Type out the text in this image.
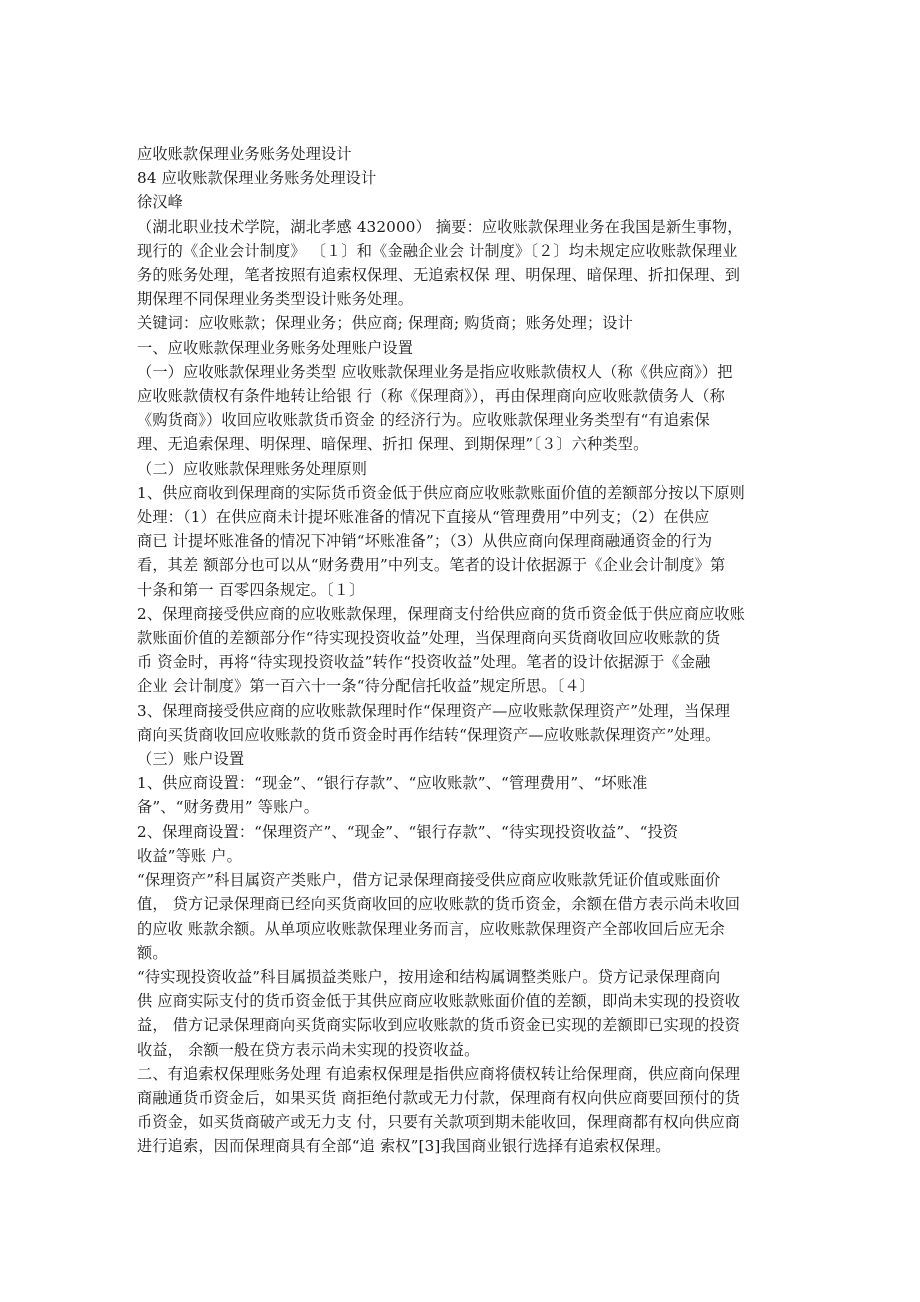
应收账款保理业务账务处理设计

84 应收账款保理业务账务处理设计

徐汉峰

（湖北职业技术学院，湖北孝感 432000） 摘要：应收账款保理业务在我国是新生事物，

现行的《企业会计制度》 〔１〕和《金融企业会 计制度》〔２〕均未规定应收账款保理业

务的账务处理，笔者按照有追索权保理、无追索权保 理、明保理、暗保理、折扣保理、到

期保理不同保理业务类型设计账务处理。

关键词：应收账款；保理业务；供应商; 保理商; 购货商；账务处理；设计

一、应收账款保理业务账务处理账户设置

（一）应收账款保理业务类型 应收账款保理业务是指应收账款债权人（称《供应商》）把

应收账款债权有条件地转让给银 行（称《保理商》），再由保理商向应收账款债务人（称

《购货商》）收回应收账款货币资金 的经济行为。应收账款保理业务类型有“有追索保

理、无追索保理、明保理、暗保理、折扣 保理、到期保理”〔３〕六种类型。

（二）应收账款保理账务处理原则

1、供应商收到保理商的实际货币资金低于供应商应收账款账面价值的差额部分按以下原则

处理：（1）在供应商未计提坏账准备的情况下直接从“管理费用”中列支；（2）在供应

商已 计提坏账准备的情况下冲销“坏账准备”；（3）从供应商向保理商融通资金的行为

看，其差 额部分也可以从“财务费用”中列支。笔者的设计依据源于《企业会计制度》第

十条和第一 百零四条规定。〔１〕

2、保理商接受供应商的应收账款保理，保理商支付给供应商的货币资金低于供应商应收账

款账面价值的差额部分作“待实现投资收益”处理，当保理商向买货商收回应收账款的货

币 资金时，再将“待实现投资收益”转作“投资收益”处理。笔者的设计依据源于《金融

企业 会计制度》第一百六十一条“待分配信托收益”规定所思。〔４〕

3、保理商接受供应商的应收账款保理时作“保理资产—应收账款保理资产”处理，当保理

商向买货商收回应收账款的货币资金时再作结转“保理资产—应收账款保理资产”处理。

（三）账户设置

1、供应商设置：“现金”、“银行存款”、“应收账款”、“管理费用”、“坏账准

备”、“财务费用” 等账户。

2、保理商设置：“保理资产”、“现金”、“银行存款”、“待实现投资收益”、“投资

收益”等账 户。

“保理资产”科目属资产类账户，借方记录保理商接受供应商应收账款凭证价值或账面价

值， 贷方记录保理商已经向买货商收回的应收账款的货币资金，余额在借方表示尚未收回

的应收 账款余额。从单项应收账款保理业务而言，应收账款保理资产全部收回后应无余

额。

“待实现投资收益”科目属损益类账户，按用途和结构属调整类账户。贷方记录保理商向

供 应商实际支付的货币资金低于其供应商应收账款账面价值的差额，即尚未实现的投资收

益， 借方记录保理商向买货商实际收到应收账款的货币资金已实现的差额即已实现的投资

收益， 余额一般在贷方表示尚未实现的投资收益。

二、有追索权保理账务处理 有追索权保理是指供应商将债权转让给保理商，供应商向保理

商融通货币资金后，如果买货 商拒绝付款或无力付款，保理商有权向供应商要回预付的货

币资金，如买货商破产或无力支 付，只要有关款项到期未能收回，保理商都有权向供应商

进行追索，因而保理商具有全部“追 索权”[3]我国商业银行选择有追索权保理。
